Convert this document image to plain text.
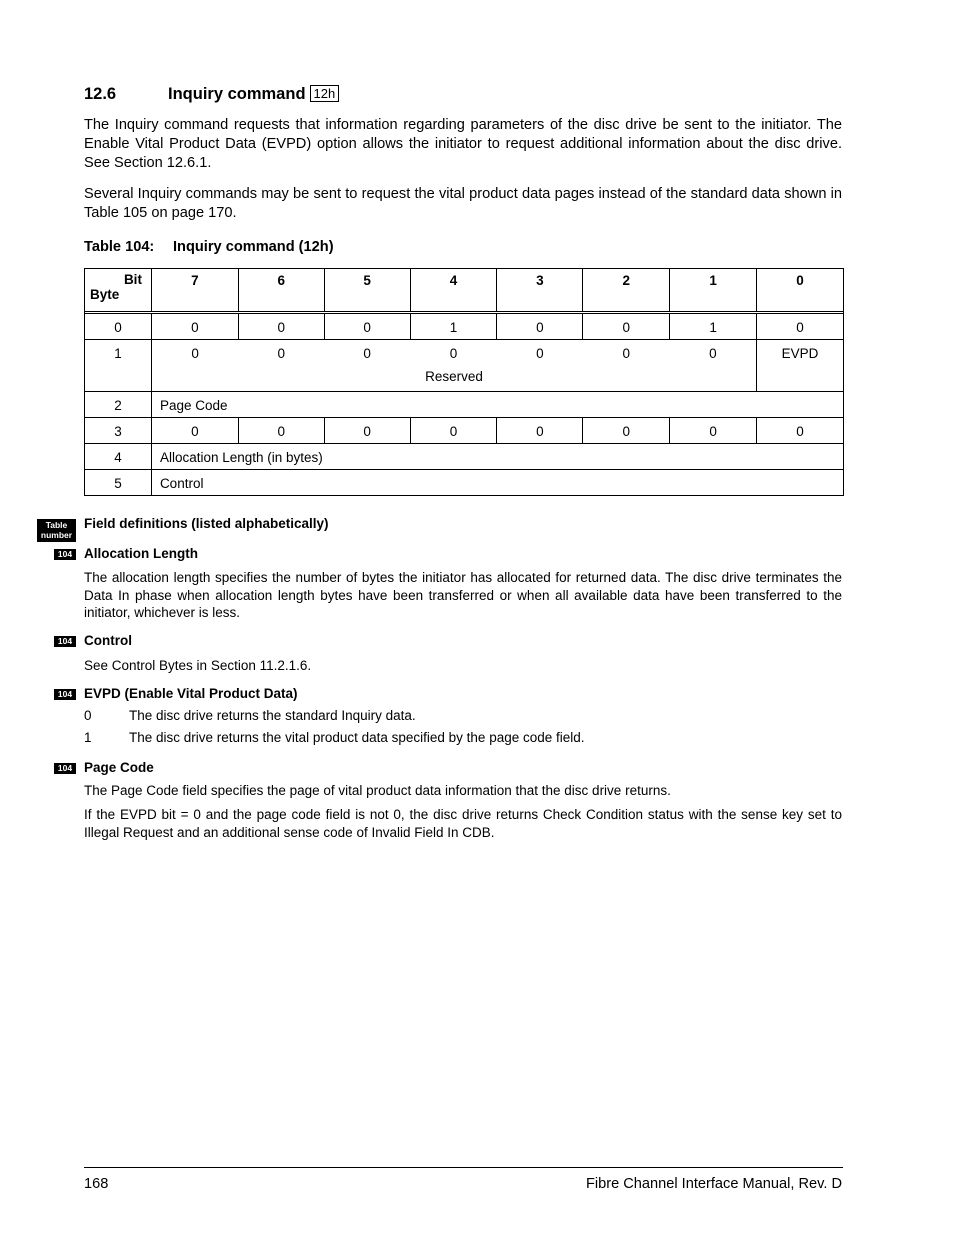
12.6	Inquiry command 12h

The Inquiry command requests that information regarding parameters of the disc drive be sent to the initiator. The Enable Vital Product Data (EVPD) option allows the initiator to request additional information about the disc drive. See Section 12.6.1.

Several Inquiry commands may be sent to request the vital product data pages instead of the standard data shown in Table 105 on page 170.

Table 104: Inquiry command (12h)
Bit
Byte	7	6	5	4	3	2	1	0

0	0	0	0	1	0	0	1	0
1	0	0	0	0	0	0	0	EVPD
	Reserved							
2	Page Code							
3	0	0	0	0	0	0	0	0
4	Allocation Length (in bytes)							
5	Control							
Table
number
Field definitions (listed alphabetically)
104 Allocation Length

The allocation length specifies the number of bytes the initiator has allocated for returned data. The disc drive terminates the Data In phase when allocation length bytes have been transferred or when all available data have been transferred to the initiator, whichever is less.

104 Control

See Control Bytes in Section 11.2.1.6.

104 EVPD (Enable Vital Product Data)
0	The disc drive returns the standard Inquiry data.
1	The disc drive returns the vital product data specified by the page code field.
104 Page Code

The Page Code field specifies the page of vital product data information that the disc drive returns.

If the EVPD bit = 0 and the page code field is not 0, the disc drive returns Check Condition status with the sense key set to Illegal Request and an additional sense code of Invalid Field In CDB.

168	Fibre Channel Interface Manual, Rev. D
